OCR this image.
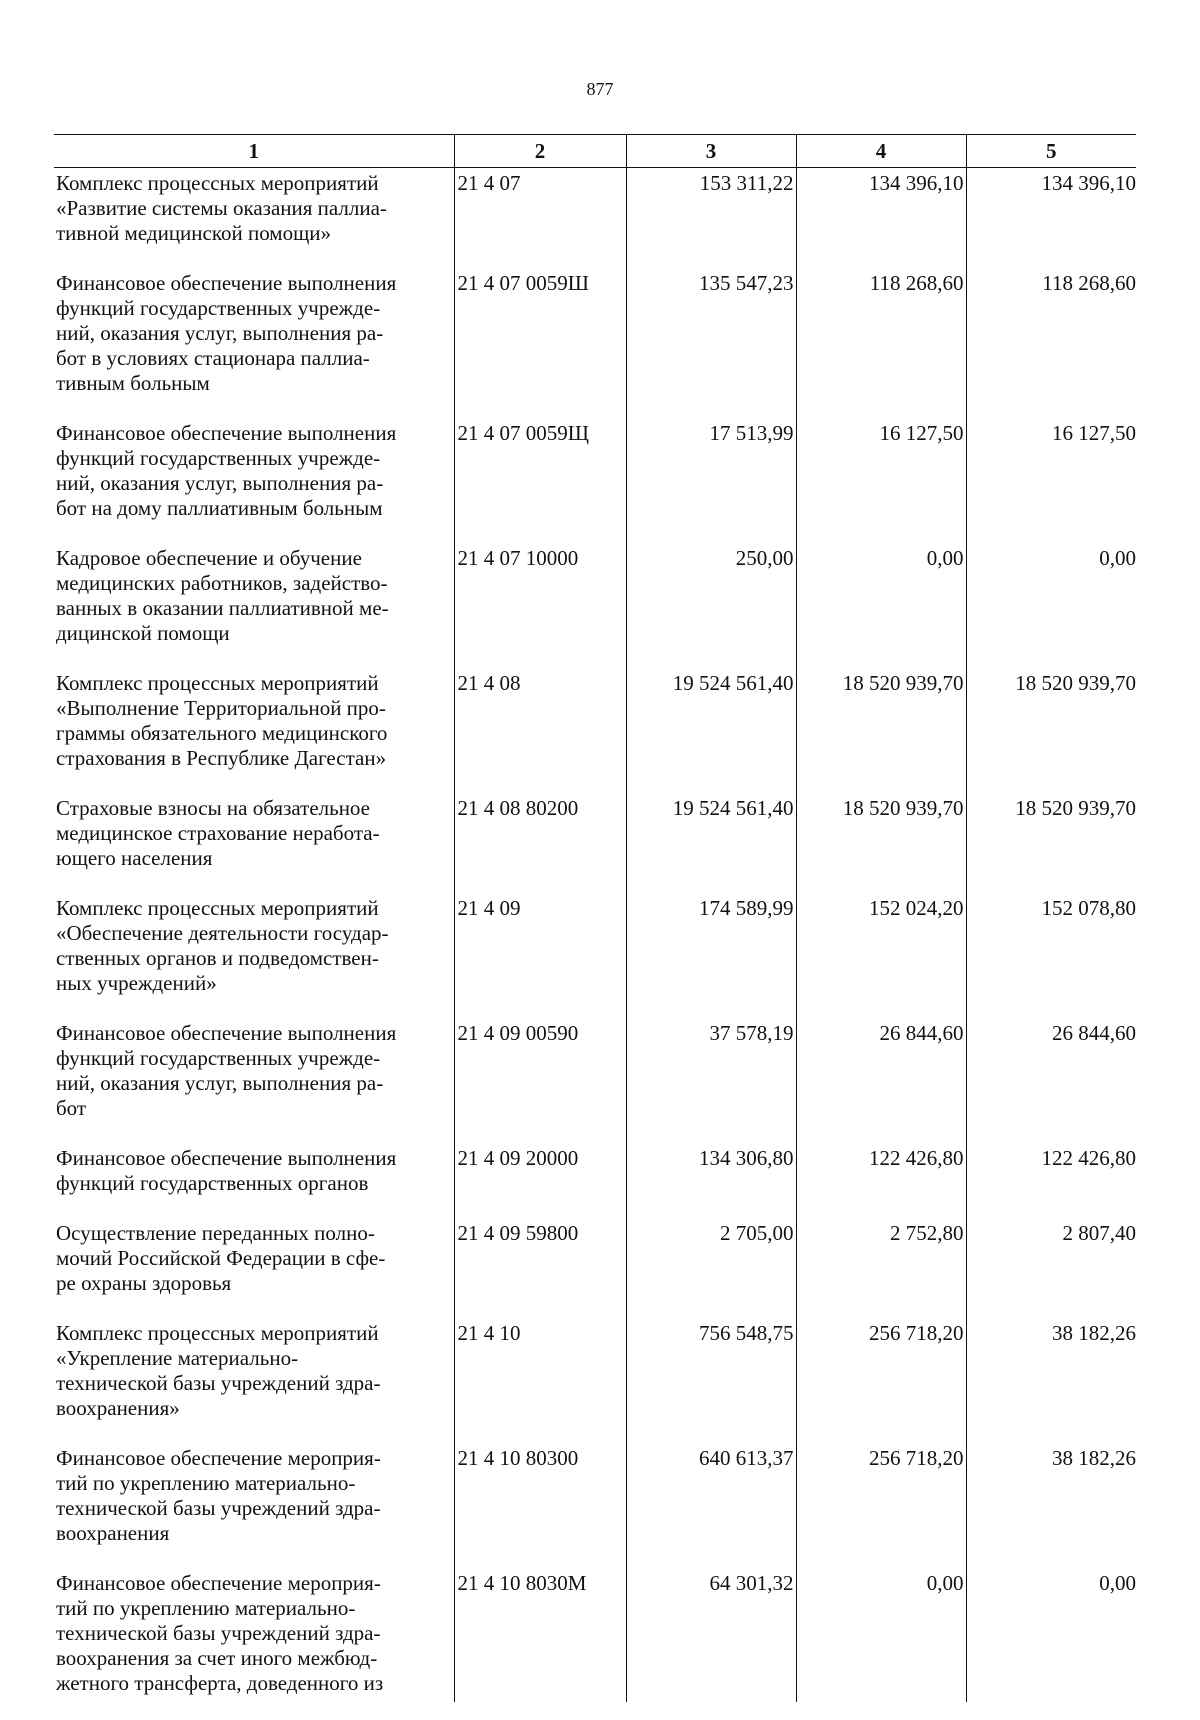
877
1	2	3	4	5

Комплекс процессных мероприятий
«Развитие системы оказания паллиа-
тивной медицинской помощи»	21 4 07	153 311,22	134 396,10	134 396,10

Финансовое обеспечение выполнения
функций государственных учрежде-
ний, оказания услуг, выполнения ра-
бот в условиях стационара паллиа-
тивным больным	21 4 07 0059Ш	135 547,23	118 268,60	118 268,60

Финансовое обеспечение выполнения
функций государственных учрежде-
ний, оказания услуг, выполнения ра-
бот на дому паллиативным больным	21 4 07 0059Щ	17 513,99	16 127,50	16 127,50

Кадровое обеспечение и обучение
медицинских работников, задейство-
ванных в оказании паллиативной ме-
дицинской помощи	21 4 07 10000	250,00	0,00	0,00

Комплекс процессных мероприятий
«Выполнение Территориальной про-
граммы обязательного медицинского
страхования в Республике Дагестан»	21 4 08	19 524 561,40	18 520 939,70	18 520 939,70

Страховые взносы на обязательное
медицинское страхование неработа-
ющего населения	21 4 08 80200	19 524 561,40	18 520 939,70	18 520 939,70

Комплекс процессных мероприятий
«Обеспечение деятельности государ-
ственных органов и подведомствен-
ных учреждений»	21 4 09	174 589,99	152 024,20	152 078,80

Финансовое обеспечение выполнения
функций государственных учрежде-
ний, оказания услуг, выполнения ра-
бот	21 4 09 00590	37 578,19	26 844,60	26 844,60

Финансовое обеспечение выполнения
функций государственных органов	21 4 09 20000	134 306,80	122 426,80	122 426,80

Осуществление переданных полно-
мочий Российской Федерации в сфе-
ре охраны здоровья	21 4 09 59800	2 705,00	2 752,80	2 807,40

Комплекс процессных мероприятий
«Укрепление материально-
технической базы учреждений здра-
воохранения»	21 4 10	756 548,75	256 718,20	38 182,26

Финансовое обеспечение мероприя-
тий по укреплению материально-
технической базы учреждений здра-
воохранения	21 4 10 80300	640 613,37	256 718,20	38 182,26

Финансовое обеспечение мероприя-
тий по укреплению материально-
технической базы учреждений здра-
воохранения за счет иного межбюд-
жетного трансферта, доведенного из	21 4 10 8030М	64 301,32	0,00	0,00
